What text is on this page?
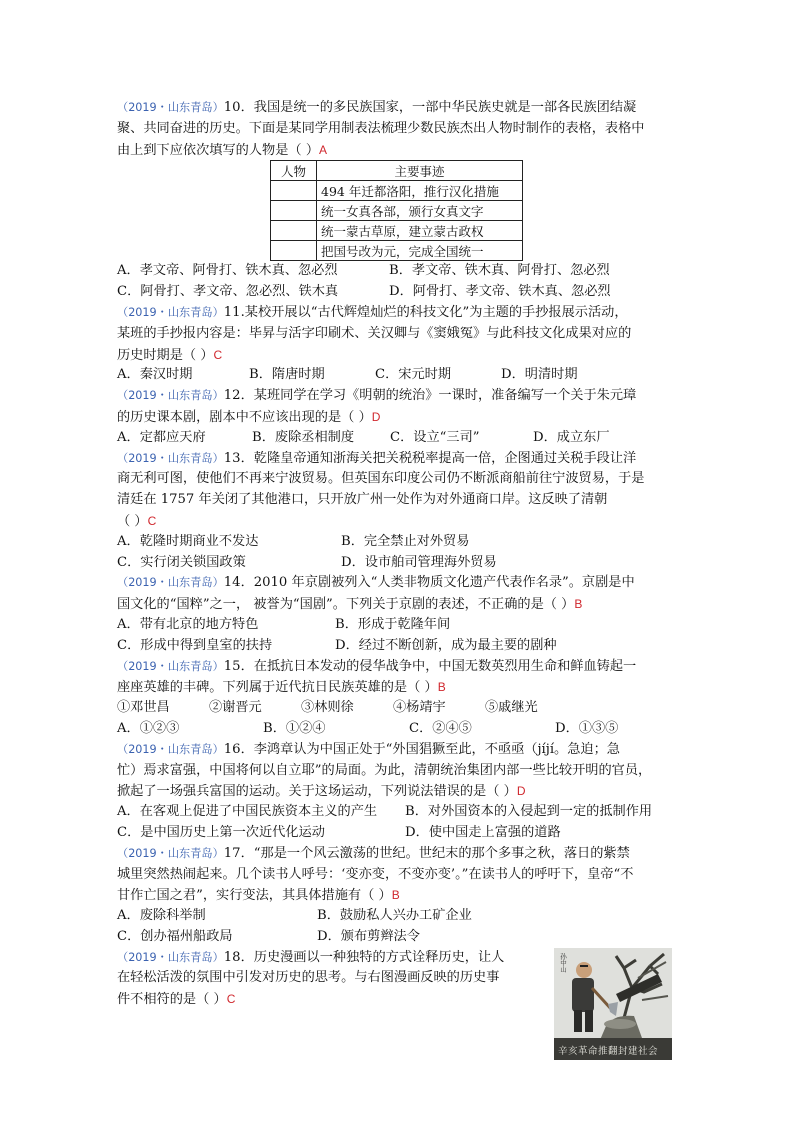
（2019・山东青岛）10．我国是统一的多民族国家，一部中华民族史就是一部各民族团结凝
聚、共同奋进的历史。下面是某同学用制表法梳理少数民族杰出人物时制作的表格，表格中
由上到下应依次填写的人物是（ ）A
人物	主要事迹
	494 年迁都洛阳，推行汉化措施
	统一女真各部，颁行女真文字
	统一蒙古草原，建立蒙古政权
	把国号改为元，完成全国统一
A．孝文帝、阿骨打、铁木真、忽必烈	B．孝文帝、铁木真、阿骨打、忽必烈
C．阿骨打、孝文帝、忽必烈、铁木真	D．阿骨打、孝文帝、铁木真、忽必烈
（2019・山东青岛）11.某校开展以“古代辉煌灿烂的科技文化”为主题的手抄报展示活动，
某班的手抄报内容是：毕昇与活字印刷术、关汉卿与《窦娥冤》与此科技文化成果对应的
历史时期是（ ）C
A．秦汉时期	B．隋唐时期	C．宋元时期	D．明清时期
（2019・山东青岛）12．某班同学在学习《明朝的统治》一课时，准备编写一个关于朱元璋
的历史课本剧，剧本中不应该出现的是（ ）D
A．定都应天府	B．废除丞相制度	C．设立“三司”	D．成立东厂
（2019・山东青岛）13．乾隆皇帝通知浙海关把关税税率提高一倍，企图通过关税手段让洋
商无利可图，使他们不再来宁波贸易。但英国东印度公司仍不断派商船前往宁波贸易，于是
清廷在 1757 年关闭了其他港口，只开放广州一处作为对外通商口岸。这反映了清朝
（ ）C
A．乾隆时期商业不发达	B．完全禁止对外贸易
C．实行闭关锁国政策	D．设市舶司管理海外贸易
（2019・山东青岛）14．2010 年京剧被列入“人类非物质文化遗产代表作名录”。京剧是中
国文化的“国粹”之一， 被誉为“国剧”。下列关于京剧的表述，不正确的是（ ）B
A．带有北京的地方特色	B．形成于乾隆年间
C．形成中得到皇室的扶持	D．经过不断创新，成为最主要的剧种
（2019・山东青岛）15．在抵抗日本发动的侵华战争中，中国无数英烈用生命和鲜血铸起一
座座英雄的丰碑。下列属于近代抗日民族英雄的是（ ）B
①邓世昌	②谢晋元	③林则徐	④杨靖宇	⑤戚继光
A．①②③	B．①②④	C．②④⑤	D．①③⑤
（2019・山东青岛）16．李鸿章认为中国正处于“外国猖獗至此，不亟亟（jíjí。急迫；急
忙）焉求富强，中国将何以自立耶”的局面。为此，清朝统治集团内部一些比较开明的官员，
掀起了一场强兵富国的运动。关于这场运动，下列说法错误的是（ ）D
A．在客观上促进了中国民族资本主义的产生	B．对外国资本的入侵起到一定的抵制作用
C．是中国历史上第一次近代化运动	D．使中国走上富强的道路
（2019・山东青岛）17．“那是一个风云激荡的世纪。世纪末的那个多事之秋，落日的紫禁
城里突然热闹起来。几个读书人呼号：‘变亦变，不变亦变’。”在读书人的呼吁下，皇帝“不
甘作亡国之君”，实行变法，其具体措施有（ ）B
A．废除科举制	B．鼓励私人兴办工矿企业
C．创办福州船政局	D．颁布剪辫法令
（2019・山东青岛）18．历史漫画以一种独特的方式诠释历史，让人
在轻松活泼的氛围中引发对历史的思考。与右图漫画反映的历史事
件不相符的是（ ）C
孙中山
辛亥革命推翻封建社会
